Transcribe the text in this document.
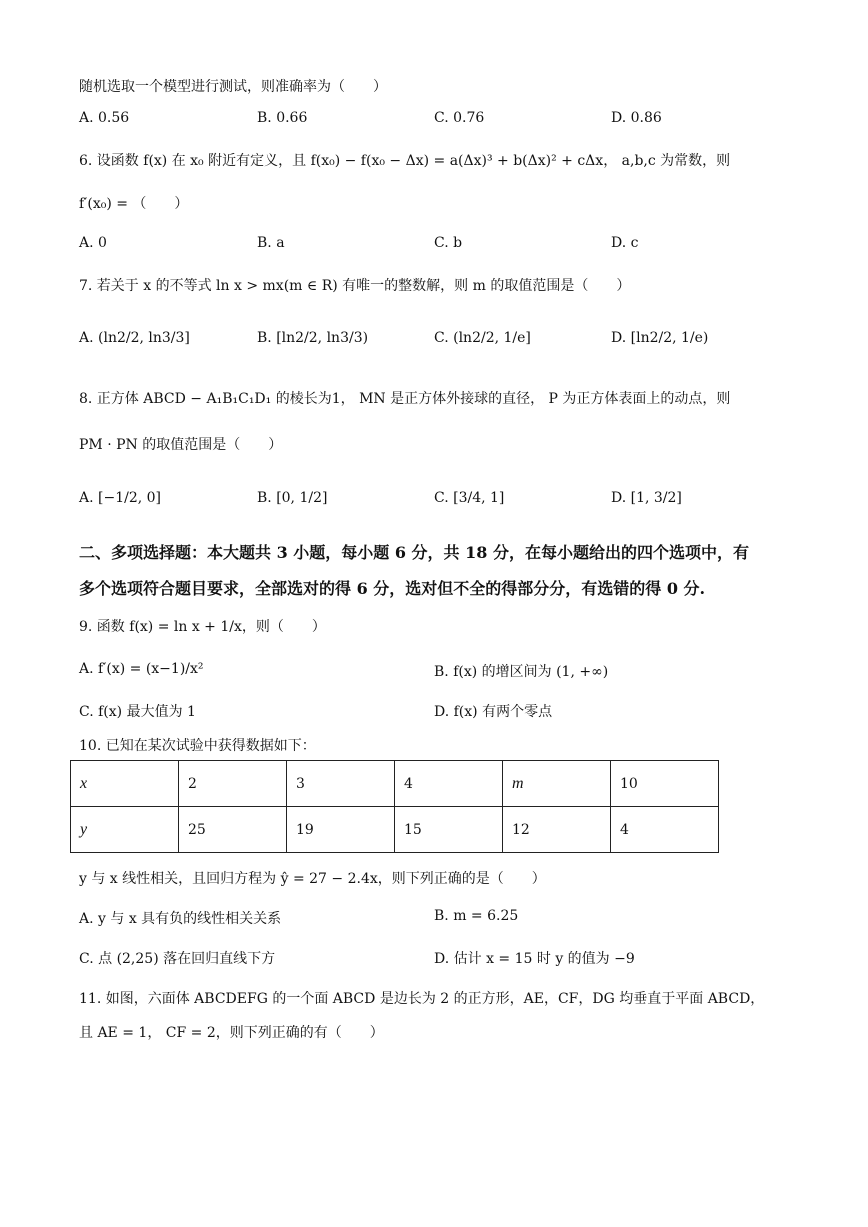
随机选取一个模型进行测试，则准确率为（　　）
A. 0.56	B. 0.66	C. 0.76	D. 0.86
6. 设函数 f(x) 在 x₀ 附近有定义，且 f(x₀) − f(x₀ − Δx) = a(Δx)³ + b(Δx)² + cΔx， a,b,c 为常数，则
f′(x₀) = （　　）
A. 0	B. a	C. b	D. c
7. 若关于 x 的不等式 ln x > mx(m ∈ R) 有唯一的整数解，则 m 的取值范围是（　　）
A. (ln2/2, ln3/3]	B. [ln2/2, ln3/3)	C. (ln2/2, 1/e]	D. [ln2/2, 1/e)
8. 正方体 ABCD − A₁B₁C₁D₁ 的棱长为1， MN 是正方体外接球的直径， P 为正方体表面上的动点，则
PM · PN 的取值范围是（　　）
A. [−1/2, 0]	B. [0, 1/2]	C. [3/4, 1]	D. [1, 3/2]
二、多项选择题：本大题共 3 小题，每小题 6 分，共 18 分，在每小题给出的四个选项中，有
多个选项符合题目要求，全部选对的得 6 分，选对但不全的得部分分，有选错的得 0 分.
9. 函数 f(x) = ln x + 1/x，则（　　）
A. f′(x) = (x−1)/x²	B. f(x) 的增区间为 (1, +∞)
C. f(x) 最大值为 1	D. f(x) 有两个零点
10. 已知在某次试验中获得数据如下：
x	2	3	4	m	10
y	25	19	15	12	4
y 与 x 线性相关，且回归方程为 ŷ = 27 − 2.4x，则下列正确的是（　　）
A. y 与 x 具有负的线性相关关系	B. m = 6.25
C. 点 (2,25) 落在回归直线下方	D. 估计 x = 15 时 y 的值为 −9
11. 如图，六面体 ABCDEFG 的一个面 ABCD 是边长为 2 的正方形，AE，CF，DG 均垂直于平面 ABCD，
且 AE = 1， CF = 2，则下列正确的有（　　）
